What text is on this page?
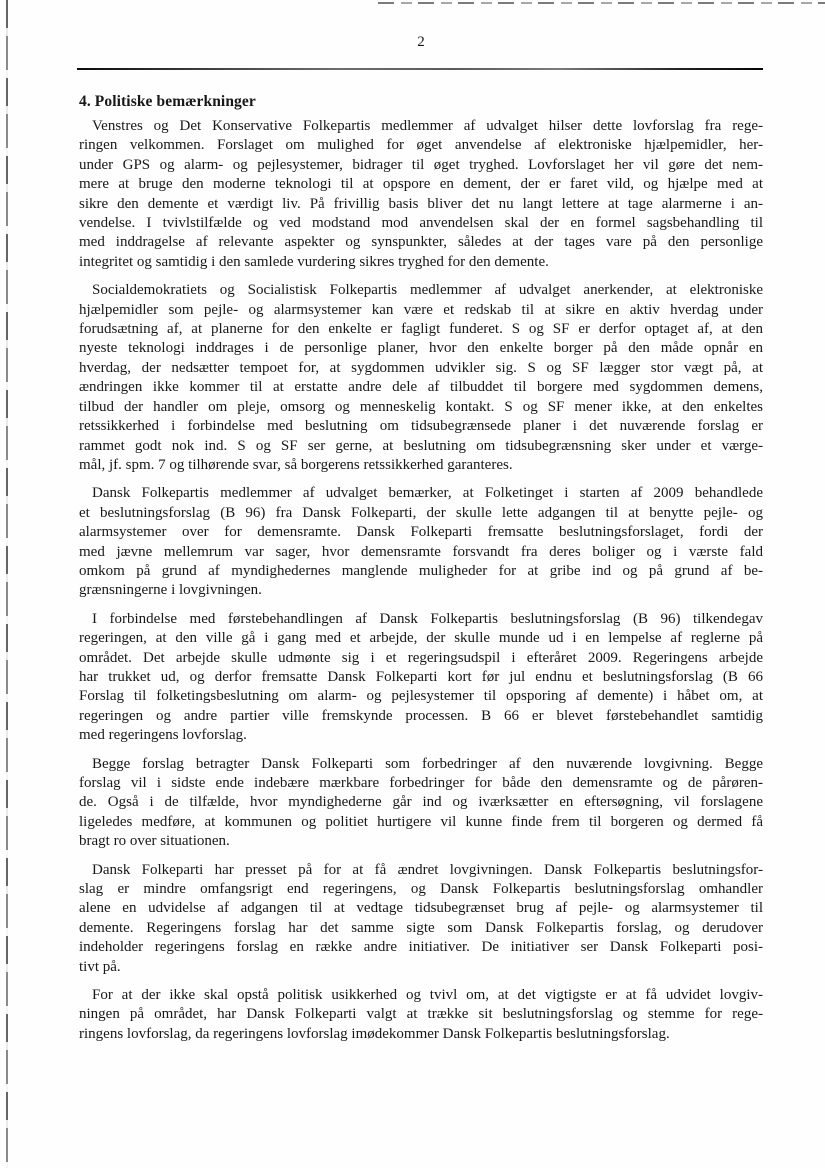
2
4. Politiske bemærkninger
Venstres og Det Konservative Folkepartis medlemmer af udvalget hilser dette lovforslag fra rege-
ringen velkommen. Forslaget om mulighed for øget anvendelse af elektroniske hjælpemidler, her-
under GPS og alarm- og pejlesystemer, bidrager til øget tryghed. Lovforslaget her vil gøre det nem-
mere at bruge den moderne teknologi til at opspore en dement, der er faret vild, og hjælpe med at
sikre den demente et værdigt liv. På frivillig basis bliver det nu langt lettere at tage alarmerne i an-
vendelse. I tvivlstilfælde og ved modstand mod anvendelsen skal der en formel sagsbehandling til
med inddragelse af relevante aspekter og synspunkter, således at der tages vare på den personlige
integritet og samtidig i den samlede vurdering sikres tryghed for den demente.
Socialdemokratiets og Socialistisk Folkepartis medlemmer af udvalget anerkender, at elektroniske
hjælpemidler som pejle- og alarmsystemer kan være et redskab til at sikre en aktiv hverdag under
forudsætning af, at planerne for den enkelte er fagligt funderet. S og SF er derfor optaget af, at den
nyeste teknologi inddrages i de personlige planer, hvor den enkelte borger på den måde opnår en
hverdag, der nedsætter tempoet for, at sygdommen udvikler sig. S og SF lægger stor vægt på, at
ændringen ikke kommer til at erstatte andre dele af tilbuddet til borgere med sygdommen demens,
tilbud der handler om pleje, omsorg og menneskelig kontakt. S og SF mener ikke, at den enkeltes
retssikkerhed i forbindelse med beslutning om tidsubegrænsede planer i det nuværende forslag er
rammet godt nok ind. S og SF ser gerne, at beslutning om tidsubegrænsning sker under et værge-
mål, jf. spm. 7 og tilhørende svar, så borgerens retssikkerhed garanteres.
Dansk Folkepartis medlemmer af udvalget bemærker, at Folketinget i starten af 2009 behandlede
et beslutningsforslag (B 96) fra Dansk Folkeparti, der skulle lette adgangen til at benytte pejle- og
alarmsystemer over for demensramte. Dansk Folkeparti fremsatte beslutningsforslaget, fordi der
med jævne mellemrum var sager, hvor demensramte forsvandt fra deres boliger og i værste fald
omkom på grund af myndighedernes manglende muligheder for at gribe ind og på grund af be-
grænsningerne i lovgivningen.
I forbindelse med førstebehandlingen af Dansk Folkepartis beslutningsforslag (B 96) tilkendegav
regeringen, at den ville gå i gang med et arbejde, der skulle munde ud i en lempelse af reglerne på
området. Det arbejde skulle udmønte sig i et regeringsudspil i efteråret 2009. Regeringens arbejde
har trukket ud, og derfor fremsatte Dansk Folkeparti kort før jul endnu et beslutningsforslag (B 66
Forslag til folketingsbeslutning om alarm- og pejlesystemer til opsporing af demente) i håbet om, at
regeringen og andre partier ville fremskynde processen. B 66 er blevet førstebehandlet samtidig
med regeringens lovforslag.
Begge forslag betragter Dansk Folkeparti som forbedringer af den nuværende lovgivning. Begge
forslag vil i sidste ende indebære mærkbare forbedringer for både den demensramte og de pårøren-
de. Også i de tilfælde, hvor myndighederne går ind og iværksætter en eftersøgning, vil forslagene
ligeledes medføre, at kommunen og politiet hurtigere vil kunne finde frem til borgeren og dermed få
bragt ro over situationen.
Dansk Folkeparti har presset på for at få ændret lovgivningen. Dansk Folkepartis beslutningsfor-
slag er mindre omfangsrigt end regeringens, og Dansk Folkepartis beslutningsforslag omhandler
alene en udvidelse af adgangen til at vedtage tidsubegrænset brug af pejle- og alarmsystemer til
demente. Regeringens forslag har det samme sigte som Dansk Folkepartis forslag, og derudover
indeholder regeringens forslag en række andre initiativer. De initiativer ser Dansk Folkeparti posi-
tivt på.
For at der ikke skal opstå politisk usikkerhed og tvivl om, at det vigtigste er at få udvidet lovgiv-
ningen på området, har Dansk Folkeparti valgt at trække sit beslutningsforslag og stemme for rege-
ringens lovforslag, da regeringens lovforslag imødekommer Dansk Folkepartis beslutningsforslag.
